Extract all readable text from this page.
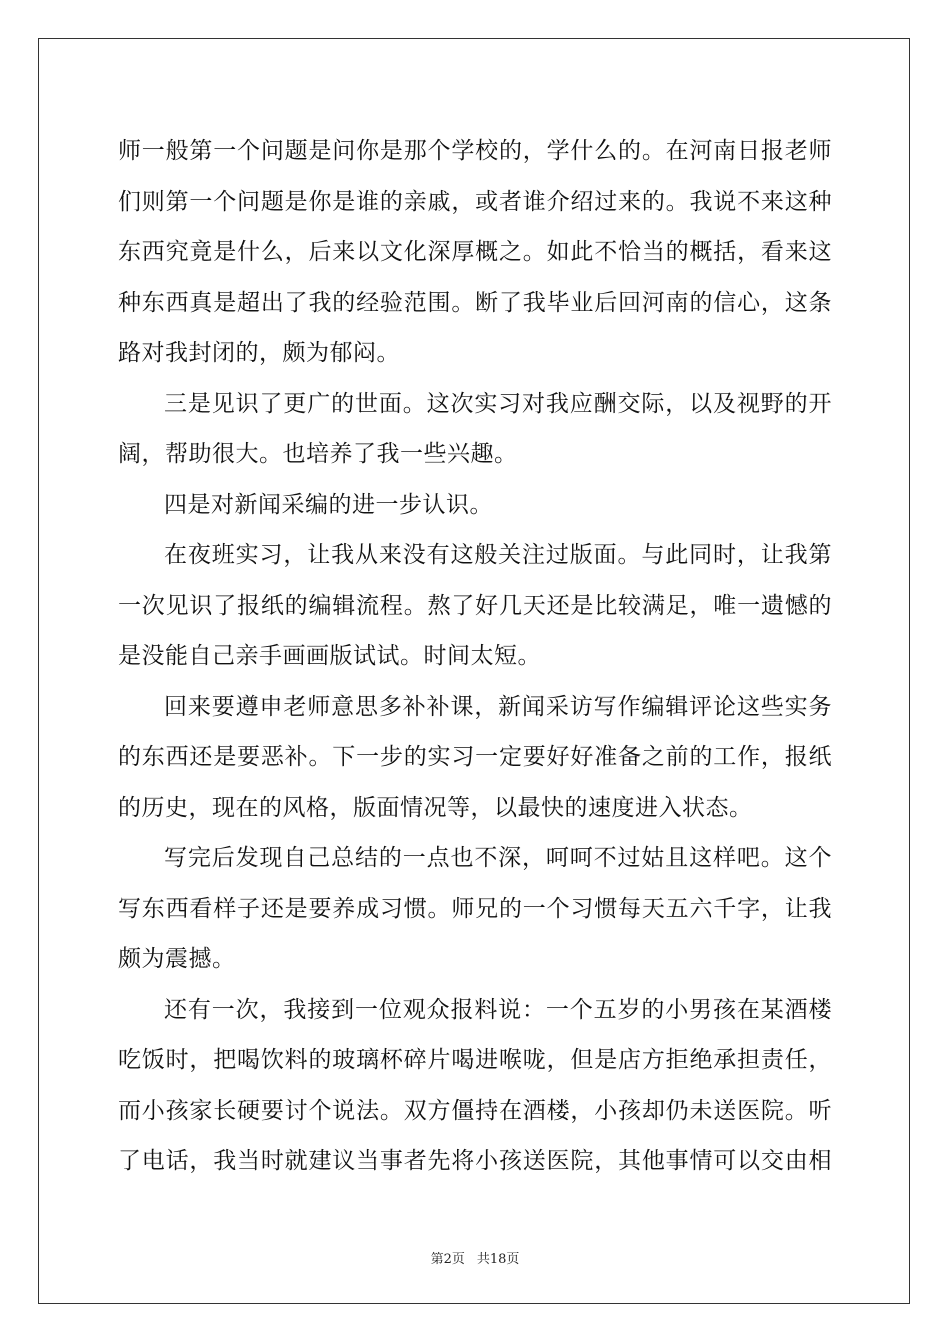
师一般第一个问题是问你是那个学校的，学什么的。在河南日报老师
们则第一个问题是你是谁的亲戚，或者谁介绍过来的。我说不来这种
东西究竟是什么，后来以文化深厚概之。如此不恰当的概括，看来这
种东西真是超出了我的经验范围。断了我毕业后回河南的信心，这条
路对我封闭的，颇为郁闷。
三是见识了更广的世面。这次实习对我应酬交际，以及视野的开
阔，帮助很大。也培养了我一些兴趣。
四是对新闻采编的进一步认识。
在夜班实习，让我从来没有这般关注过版面。与此同时，让我第
一次见识了报纸的编辑流程。熬了好几天还是比较满足，唯一遗憾的
是没能自己亲手画画版试试。时间太短。
回来要遵申老师意思多补补课，新闻采访写作编辑评论这些实务
的东西还是要恶补。下一步的实习一定要好好准备之前的工作，报纸
的历史，现在的风格，版面情况等，以最快的速度进入状态。
写完后发现自己总结的一点也不深，呵呵不过姑且这样吧。这个
写东西看样子还是要养成习惯。师兄的一个习惯每天五六千字，让我
颇为震撼。
还有一次，我接到一位观众报料说：一个五岁的小男孩在某酒楼
吃饭时，把喝饮料的玻璃杯碎片喝进喉咙，但是店方拒绝承担责任，
而小孩家长硬要讨个说法。双方僵持在酒楼，小孩却仍未送医院。听
了电话，我当时就建议当事者先将小孩送医院，其他事情可以交由相
第2页 共18页
